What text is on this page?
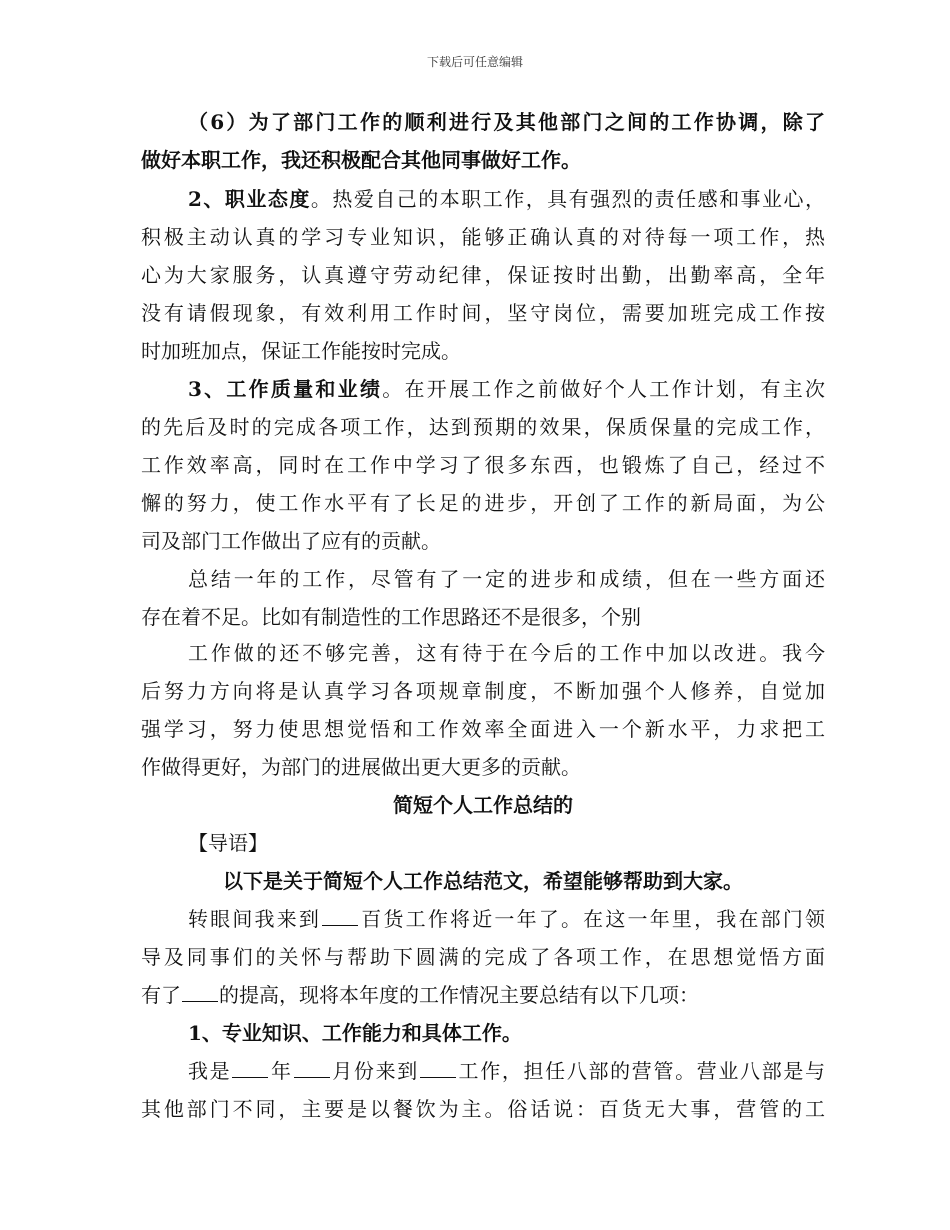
下载后可任意编辑
（6）为了部门工作的顺利进行及其他部门之间的工作协调，除了
做好本职工作，我还积极配合其他同事做好工作。
2、职业态度。热爱自己的本职工作，具有强烈的责任感和事业心，
积极主动认真的学习专业知识，能够正确认真的对待每一项工作，热
心为大家服务，认真遵守劳动纪律，保证按时出勤，出勤率高，全年
没有请假现象，有效利用工作时间，坚守岗位，需要加班完成工作按
时加班加点，保证工作能按时完成。
3、工作质量和业绩。在开展工作之前做好个人工作计划，有主次
的先后及时的完成各项工作，达到预期的效果，保质保量的完成工作，
工作效率高，同时在工作中学习了很多东西，也锻炼了自己，经过不
懈的努力，使工作水平有了长足的进步，开创了工作的新局面，为公
司及部门工作做出了应有的贡献。
总结一年的工作，尽管有了一定的进步和成绩，但在一些方面还
存在着不足。比如有制造性的工作思路还不是很多，个别
工作做的还不够完善，这有待于在今后的工作中加以改进。我今
后努力方向将是认真学习各项规章制度，不断加强个人修养，自觉加
强学习，努力使思想觉悟和工作效率全面进入一个新水平，力求把工
作做得更好，为部门的进展做出更大更多的贡献。
简短个人工作总结的
【导语】
以下是关于简短个人工作总结范文，希望能够帮助到大家。
转眼间我来到 百货工作将近一年了。在这一年里，我在部门领
导及同事们的关怀与帮助下圆满的完成了各项工作，在思想觉悟方面
有了 的提高，现将本年度的工作情况主要总结有以下几项：
1、专业知识、工作能力和具体工作。
我是 年 月份来到 工作，担任八部的营管。营业八部是与
其他部门不同，主要是以餐饮为主。俗话说：百货无大事，营管的工
